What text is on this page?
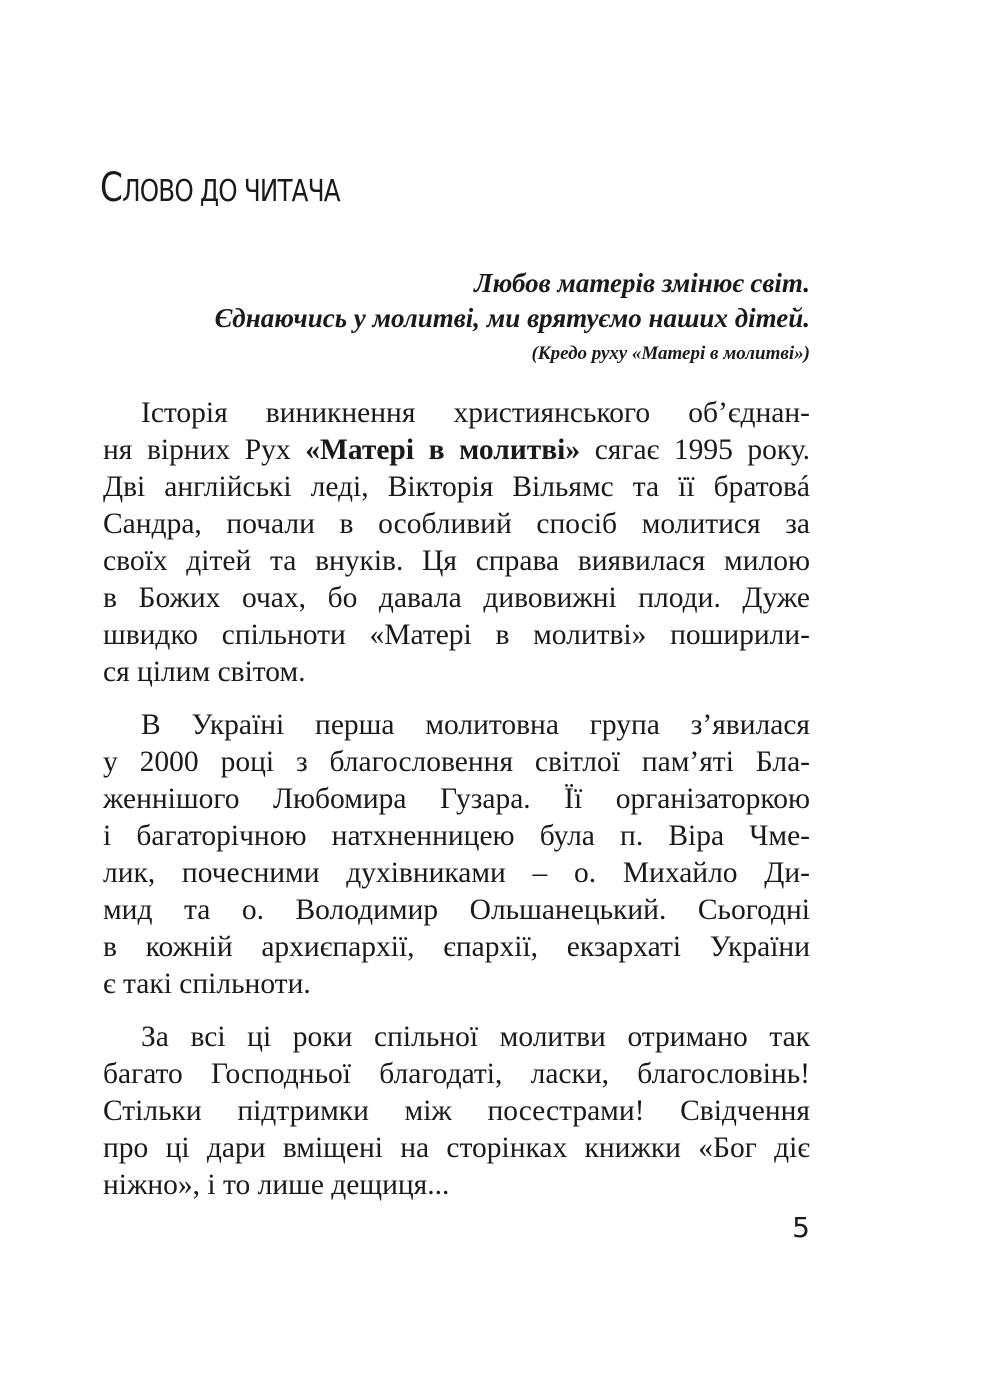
СЛОВО ДО ЧИТАЧА
Любов матерів змінює світ.
Єднаючись у молитві, ми врятуємо наших дітей.
(Кредо руху «Матері в молитві»)

Історія виникнення християнського об’єднан-
ня вірних Рух «Матері в молитві» сягає 1995 року.
Дві англійські леді, Вікторія Вільямс та її братовá
Сандра, почали в особливий спосіб молитися за
своїх дітей та внуків. Ця справа виявилася милою
в Божих очах, бо давала дивовижні плоди. Дуже
швидко спільноти «Матері в молитві» поширили-
ся цілим світом.

В Україні перша молитовна група з’явилася
у 2000 році з благословення світлої пам’яті Бла-
женнішого Любомира Гузара. Її організаторкою
і багаторічною натхненницею була п. Віра Чме-
лик, почесними духівниками – о. Михайло Ди-
мид та о. Володимир Ольшанецький. Сьогодні
в кожній архиєпархії, єпархії, екзархаті України
є такі спільноти.

За всі ці роки спільної молитви отримано так
багато Господньої благодаті, ласки, благословінь!
Стільки підтримки між посестрами! Свідчення
про ці дари вміщені на сторінках книжки «Бог діє
ніжно», і то лише дещиця...

5
